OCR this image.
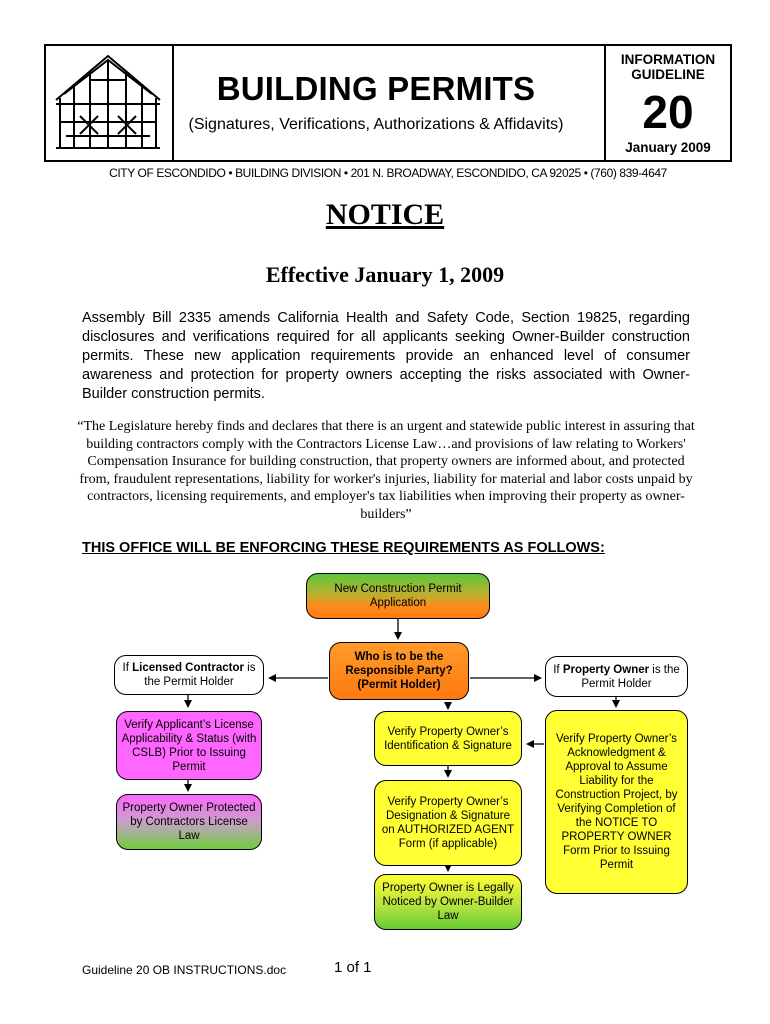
BUILDING PERMITS
(Signatures, Verifications, Authorizations & Affidavits)
INFORMATION
GUIDELINE
20
January 2009
CITY OF ESCONDIDO • BUILDING DIVISION • 201 N. BROADWAY, ESCONDIDO, CA 92025 • (760) 839-4647
NOTICE
Effective January 1, 2009
Assembly Bill 2335 amends California Health and Safety Code, Section 19825, regarding disclosures and verifications required for all applicants seeking Owner-Builder construction permits. These new application requirements provide an enhanced level of consumer awareness and protection for property owners accepting the risks associated with Owner-Builder construction permits.
“The Legislature hereby finds and declares that there is an urgent and statewide public interest in assuring that building contractors comply with the Contractors License Law…and provisions of law relating to Workers' Compensation Insurance for building construction, that property owners are informed about, and protected from, fraudulent representations, liability for worker's injuries, liability for material and labor costs unpaid by contractors, licensing requirements, and employer's tax liabilities when improving their property as owner-builders”
THIS OFFICE WILL BE ENFORCING THESE REQUIREMENTS AS FOLLOWS:
New Construction Permit Application
Who is to be the Responsible Party? (Permit Holder)
If Licensed Contractor is the Permit Holder
If Property Owner is the Permit Holder
Verify Applicant’s License Applicability & Status (with CSLB) Prior to Issuing Permit
Property Owner Protected by Contractors License Law
Verify Property Owner’s Identification & Signature
Verify Property Owner’s Designation & Signature on AUTHORIZED AGENT Form (if applicable)
Property Owner is Legally Noticed by Owner-Builder Law
Verify Property Owner’s Acknowledgment & Approval to Assume Liability for the Construction Project, by Verifying Completion of the NOTICE TO PROPERTY OWNER Form Prior to Issuing Permit
Guideline 20 OB INSTRUCTIONS.doc	1 of 1
